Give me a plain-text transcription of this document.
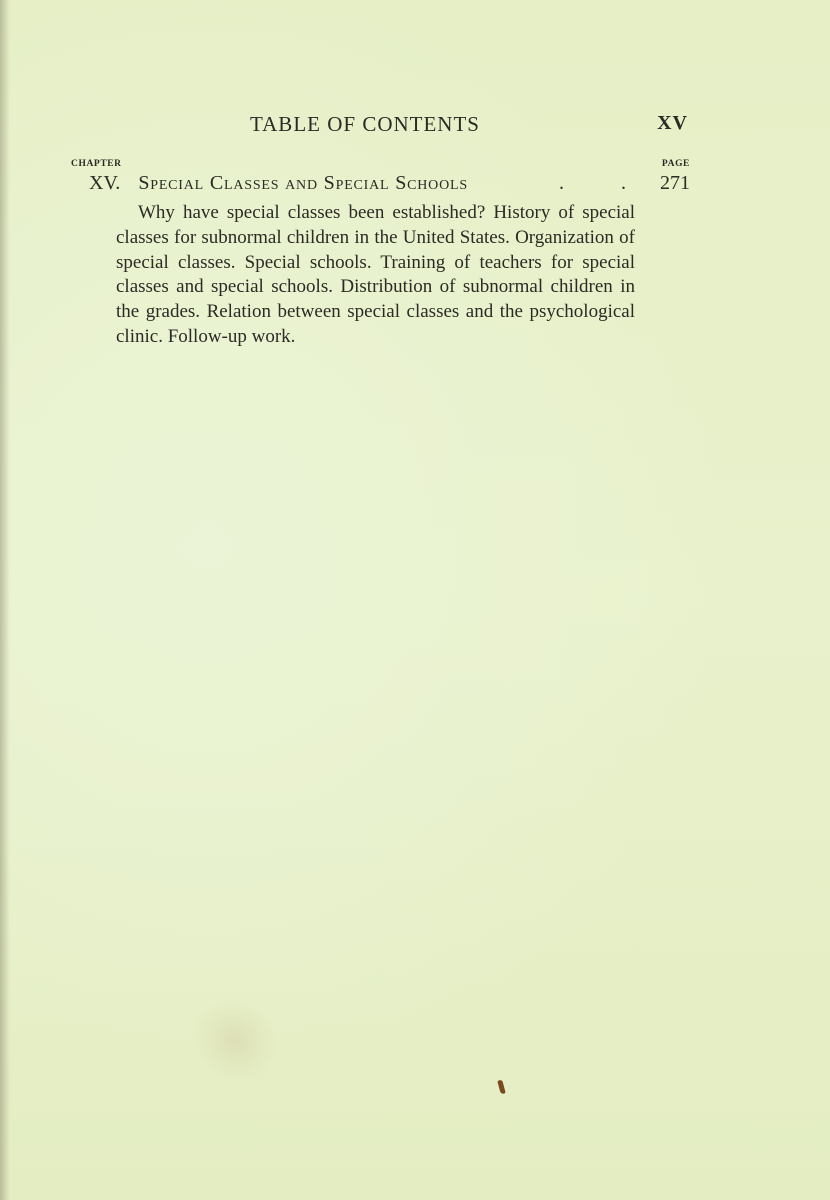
TABLE OF CONTENTS	XV
CHAPTER	PAGE
XV. Special Classes and Special Schools	. . 271

Why have special classes been established? History of special classes for subnormal children in the United States. Organization of special classes. Special schools. Training of teachers for special classes and special schools. Distribution of subnormal children in the grades. Relation between special classes and the psychological clinic. Follow-up work.
